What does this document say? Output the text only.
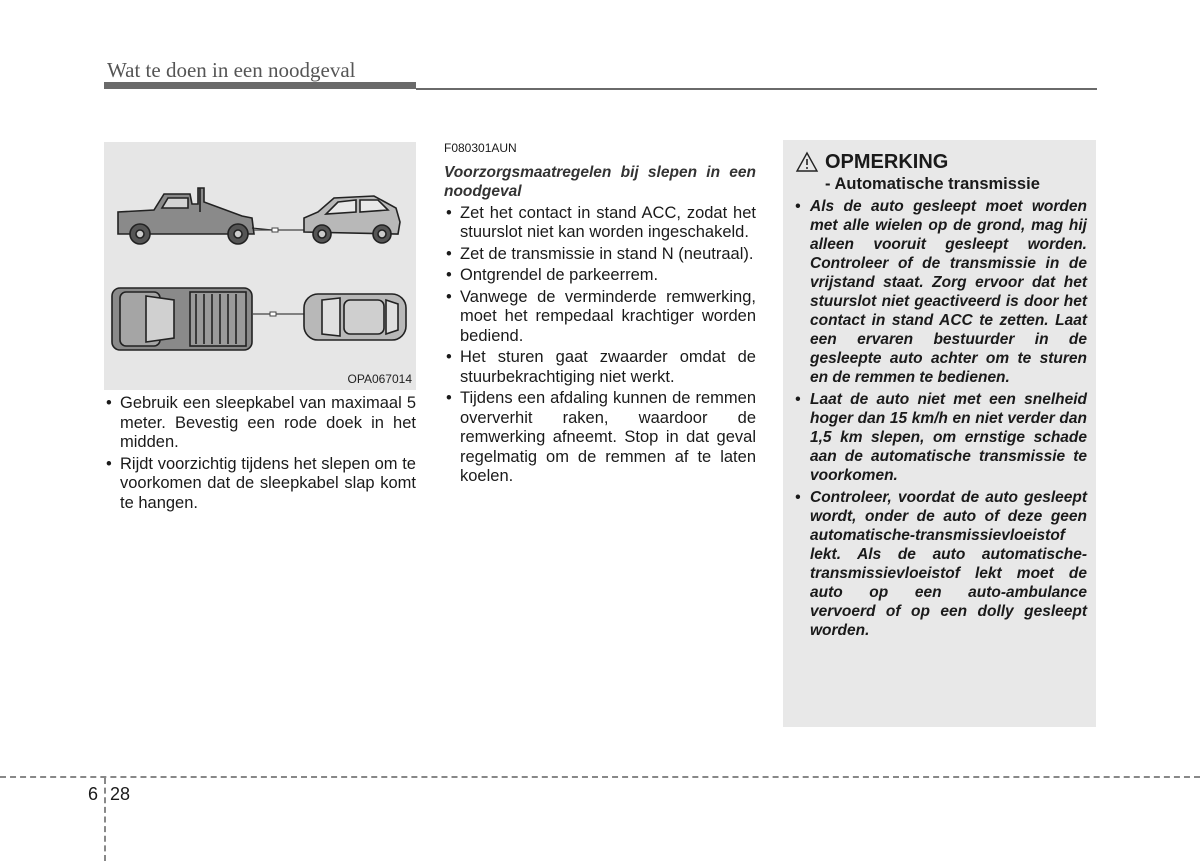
Wat te doen in een noodgeval
OPA067014
• Gebruik een sleepkabel van maximaal 5 meter. Bevestig een rode doek in het midden.
• Rijdt voorzichtig tijdens het slepen om te voorkomen dat de sleepkabel slap komt te hangen.
F080301AUN
Voorzorgsmaatregelen bij slepen in een noodgeval
• Zet het contact in stand ACC, zodat het stuurslot niet kan worden ingeschakeld.
• Zet de transmissie in stand N (neutraal).
• Ontgrendel de parkeerrem.
• Vanwege de verminderde remwerking, moet het rempedaal krachtiger worden bediend.
• Het sturen gaat zwaarder omdat de stuurbekrachtiging niet werkt.
• Tijdens een afdaling kunnen de remmen oververhit raken, waardoor de remwerking afneemt. Stop in dat geval regelmatig om de remmen af te laten koelen.
OPMERKING
- Automatische transmissie
• Als de auto gesleept moet worden met alle wielen op de grond, mag hij alleen vooruit gesleept worden. Controleer of de transmissie in de vrijstand staat. Zorg ervoor dat het stuurslot niet geactiveerd is door het contact in stand ACC te zetten. Laat een ervaren bestuurder in de gesleepte auto achter om te sturen en de remmen te bedienen.
• Laat de auto niet met een snelheid hoger dan 15 km/h en niet verder dan 1,5 km slepen, om ernstige schade aan de automatische transmissie te voorkomen.
• Controleer, voordat de auto gesleept wordt, onder de auto of deze geen automatische-transmissievloeistof lekt. Als de auto automatische-transmissievloeistof lekt moet de auto op een auto-ambulance vervoerd of op een dolly gesleept worden.
6 28
